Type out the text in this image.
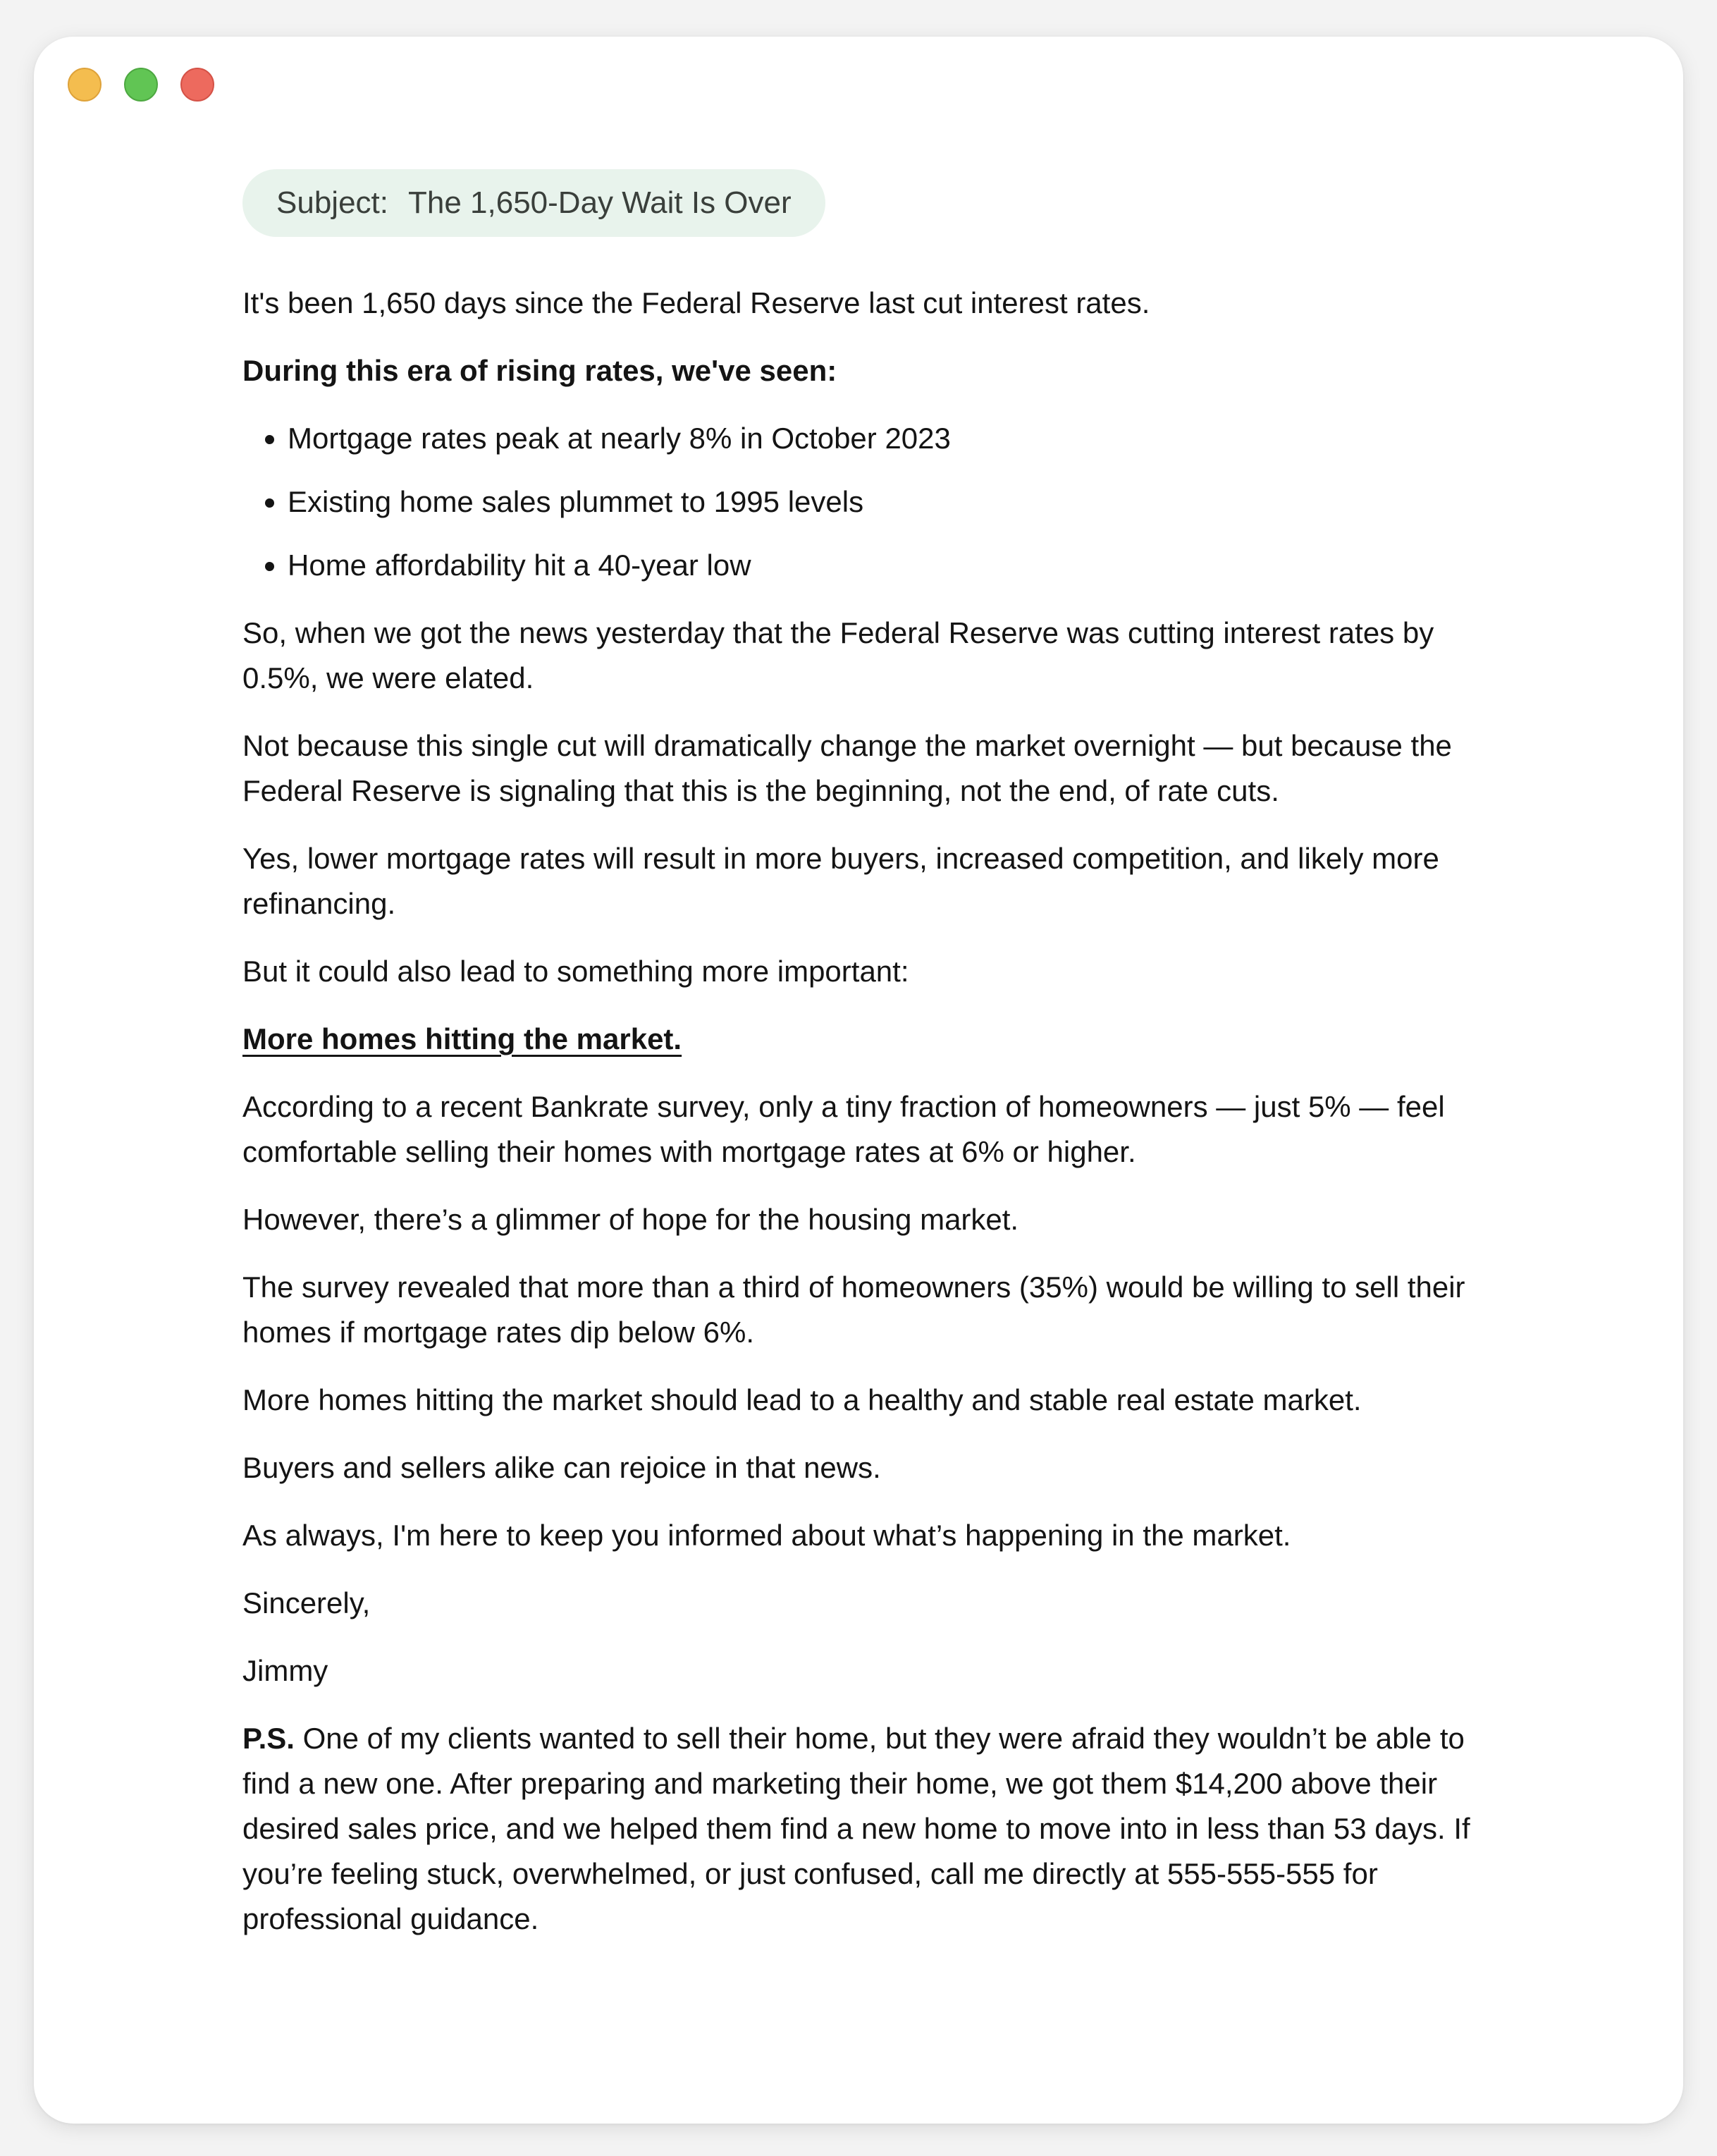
Subject: The 1,650-Day Wait Is Over

It's been 1,650 days since the Federal Reserve last cut interest rates.

During this era of rising rates, we've seen:

• Mortgage rates peak at nearly 8% in October 2023
• Existing home sales plummet to 1995 levels
• Home affordability hit a 40-year low

So, when we got the news yesterday that the Federal Reserve was cutting interest rates by 0.5%, we were elated.

Not because this single cut will dramatically change the market overnight — but because the Federal Reserve is signaling that this is the beginning, not the end, of rate cuts.

Yes, lower mortgage rates will result in more buyers, increased competition, and likely more refinancing.

But it could also lead to something more important:

More homes hitting the market.

According to a recent Bankrate survey, only a tiny fraction of homeowners — just 5% — feel comfortable selling their homes with mortgage rates at 6% or higher.

However, there’s a glimmer of hope for the housing market.

The survey revealed that more than a third of homeowners (35%) would be willing to sell their homes if mortgage rates dip below 6%.

More homes hitting the market should lead to a healthy and stable real estate market.

Buyers and sellers alike can rejoice in that news.

As always, I'm here to keep you informed about what’s happening in the market.

Sincerely,

Jimmy

P.S. One of my clients wanted to sell their home, but they were afraid they wouldn’t be able to find a new one. After preparing and marketing their home, we got them $14,200 above their desired sales price, and we helped them find a new home to move into in less than 53 days. If you’re feeling stuck, overwhelmed, or just confused, call me directly at 555-555-555 for professional guidance.
